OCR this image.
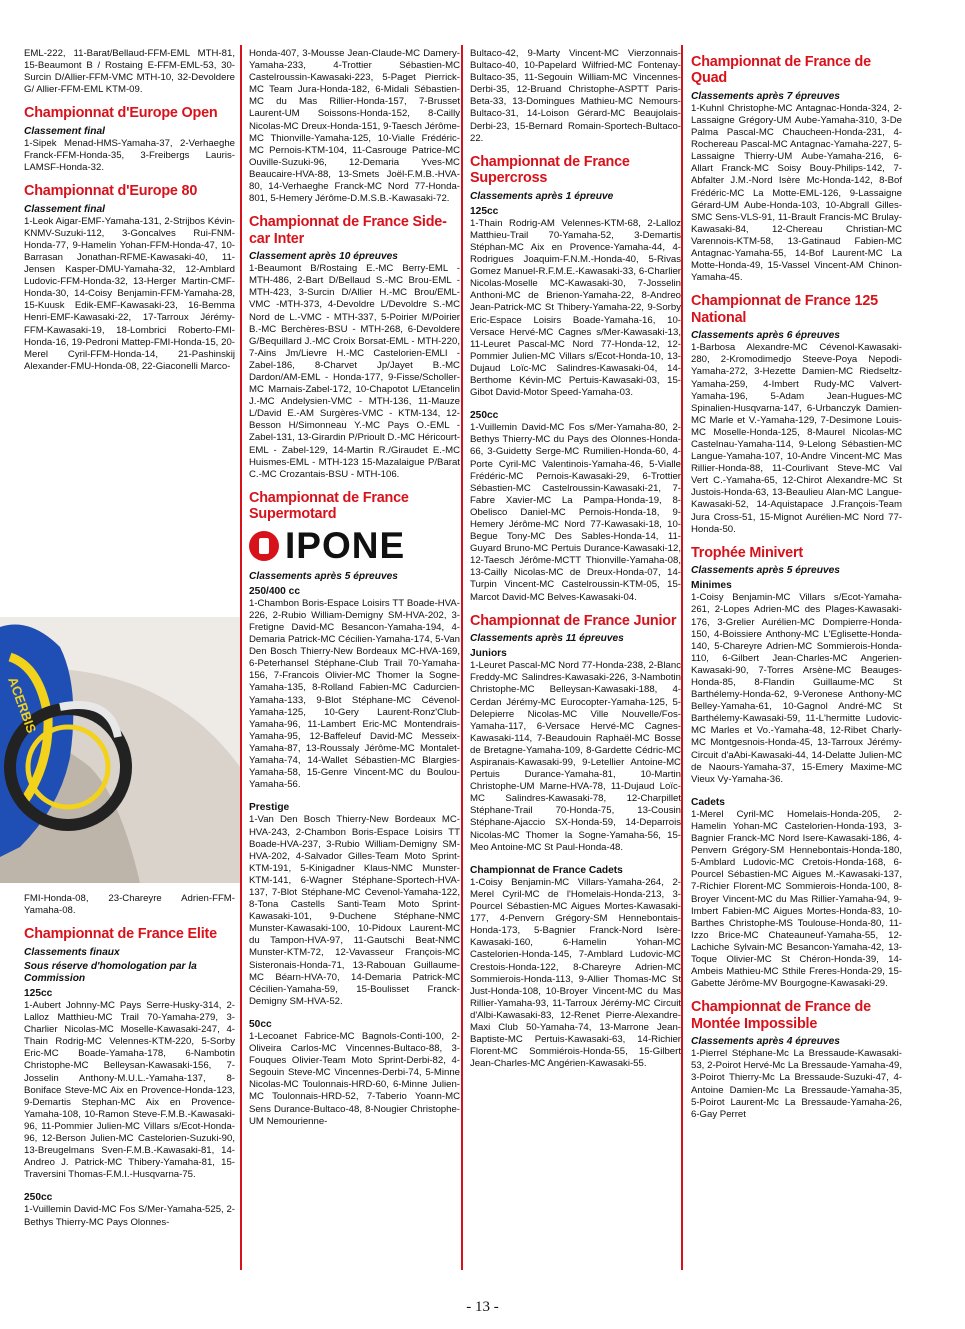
EML-222, 11-Barat/Bellaud-FFM-EML MTH-81, 15-Beaumont B / Rostaing E-FFM-EML-53, 30-Surcin D/Allier-FFM-VMC MTH-10, 32-Devoldere G/ Allier-FFM-EML KTM-09.

Championnat d'Europe Open
Classement final

1-Sipek Menad-HMS-Yamaha-37, 2-Verhaeghe Franck-FFM-Honda-35, 3-Freibergs Lauris-LAMSF-Honda-32.

Championnat d'Europe 80
Classement final

1-Leok Aigar-EMF-Yamaha-131, 2-Strijbos Kévin-KNMV-Suzuki-112, 3-Goncalves Rui-FNM-Honda-77, 9-Hamelin Yohan-FFM-Honda-47, 10-Barrasan Jonathan-RFME-Kawasaki-40, 11-Jensen Kasper-DMU-Yamaha-32, 12-Amblard Ludovic-FFM-Honda-32, 13-Herger Martin-CMF-Honda-30, 14-Coisy Benjamin-FFM-Yamaha-28, 15-Kuusk Edik-EMF-Kawasaki-23, 16-Bemma Henri-EMF-Kawasaki-22, 17-Tarroux Jérémy-FFM-Kawasaki-19, 18-Lombrici Roberto-FMI-Honda-16, 19-Pedroni Mattep-FMI-Honda-15, 20-Merel Cyril-FFM-Honda-14, 21-Pashinskij Alexander-FMU-Honda-08, 22-Giaconelli Marco-

ACERBIS

FMI-Honda-08, 23-Chareyre Adrien-FFM-Yamaha-08.

Championnat de France Elite
Classements finaux
Sous réserve d'homologation par la Commission
125cc

1-Aubert Johnny-MC Pays Serre-Husky-314, 2-Lalloz Matthieu-MC Trail 70-Yamaha-279, 3-Charlier Nicolas-MC Moselle-Kawasaki-247, 4-Thain Rodrig-MC Velennes-KTM-220, 5-Sorby Eric-MC Boade-Yamaha-178, 6-Nambotin Christophe-MC Belleysan-Kawasaki-156, 7-Josselin Anthony-M.U.L.-Yamaha-137, 8-Boniface Steve-MC Aix en Provence-Honda-123, 9-Demartis Stephan-MC Aix en Provence-Yamaha-108, 10-Ramon Steve-F.M.B.-Kawasaki-96, 11-Pommier Julien-MC Villars s/Ecot-Honda-96, 12-Berson Julien-MC Castelorien-Suzuki-90, 13-Breugelmans Sven-F.M.B.-Kawasaki-81, 14-Andreo J. Patrick-MC Thibery-Yamaha-81, 15-Traversini Thomas-F.M.I.-Husqvarna-75.

250cc

1-Vuillemin David-MC Fos S/Mer-Yamaha-525, 2-Bethys Thierry-MC Pays Olonnes-

Honda-407, 3-Mousse Jean-Claude-MC Damery-Yamaha-233, 4-Trottier Sébastien-MC Castelroussin-Kawasaki-223, 5-Paget Pierrick-MC Team Jura-Honda-182, 6-Midali Sébastien-MC du Mas Rillier-Honda-157, 7-Brusset Laurent-UM Soissons-Honda-152, 8-Cailly Nicolas-MC Dreux-Honda-151, 9-Taesch Jérôme-MC Thionville-Yamaha-125, 10-Vialle Frédéric-MC Pernois-KTM-104, 11-Casrouge Patrice-MC Ouville-Suzuki-96, 12-Demaria Yves-MC Beaucaire-HVA-88, 13-Smets Joël-F.M.B.-HVA-80, 14-Verhaeghe Franck-MC Nord 77-Honda-801, 5-Hemery Jérôme-D.M.S.B.-Kawasaki-72.

Championnat de France Side-car Inter
Classement après 10 épreuves

1-Beaumont B/Rostaing E.-MC Berry-EML - MTH-486, 2-Bart D/Bellaud S.-MC Brou-EML - MTH-423, 3-Surcin D/Allier H.-MC Brou/EML-VMC -MTH-373, 4-Devoldre L/Devoldre S.-MC Nord de L.-VMC - MTH-337, 5-Poirier M/Poirier B.-MC Berchères-BSU - MTH-268, 6-Devoldere G/Bequillard J.-MC Croix Borsat-EML - MTH-220, 7-Ains Jm/Lievre H.-MC Castelorien-EMLI - Zabel-186, 8-Charvet Jp/Jayet B.-MC Dardon/AM-EML - Honda-177, 9-Fisse/Scholler-MC Marnais-Zabel-172, 10-Chapotot L/Etancelin J.-MC Andelysien-VMC - MTH-136, 11-Mauze L/David E.-AM Surgères-VMC - KTM-134, 12-Besson H/Simonneau Y.-MC Pays O.-EML - Zabel-131, 13-Girardin P/Prioult D.-MC Héricourt-EML - Zabel-129, 14-Martin R./Giraudet E.-MC Huismes-EML - MTH-123 15-Mazalaigue P/Barat C.-MC Crozantais-BSU - MTH-106.

Championnat de France Supermotard
IPONE
Classements après 5 épreuves
250/400 cc

1-Chambon Boris-Espace Loisirs TT Boade-HVA-226, 2-Rubio William-Demigny SM-HVA-202, 3-Fretigne David-MC Besancon-Yamaha-194, 4-Demaria Patrick-MC Cécilien-Yamaha-174, 5-Van Den Bosch Thierry-New Bordeaux MC-HVA-169, 6-Peterhansel Stéphane-Club Trail 70-Yamaha-156, 7-Francois Olivier-MC Thomer la Sogne-Yamaha-135, 8-Rolland Fabien-MC Cadurcien-Yamaha-133, 9-Blot Stéphane-MC Cévenol-Yamaha-125, 10-Gery Laurent-Ronz'Club-Yamaha-96, 11-Lambert Eric-MC Montendrais-Yamaha-95, 12-Baffeleuf David-MC Messeix-Yamaha-87, 13-Roussaly Jérôme-MC Montalet-Yamaha-74, 14-Wallet Sébastien-MC Blargies-Yamaha-58, 15-Genre Vincent-MC du Boulou-Yamaha-56.

Prestige

1-Van Den Bosch Thierry-New Bordeaux MC-HVA-243, 2-Chambon Boris-Espace Loisirs TT Boade-HVA-237, 3-Rubio William-Demigny SM-HVA-202, 4-Salvador Gilles-Team Moto Sprint-KTM-191, 5-Kinigadner Klaus-NMC Munster-KTM-141, 6-Wagner Stéphane-Sportech-HVA-137, 7-Blot Stéphane-MC Cevenol-Yamaha-122, 8-Tona Castells Santi-Team Moto Sprint-Kawasaki-101, 9-Duchene Stéphane-NMC Munster-Kawasaki-100, 10-Pidoux Laurent-MC du Tampon-HVA-97, 11-Gautschi Beat-NMC Munster-KTM-72, 12-Vavasseur François-MC Sisteronais-Honda-71, 13-Rabouan Guillaume-MC Béarn-HVA-70, 14-Demaria Patrick-MC Cécilien-Yamaha-59, 15-Boulisset Franck-Demigny SM-HVA-52.

50cc

1-Lecoanet Fabrice-MC Bagnols-Conti-100, 2-Oliveira Carlos-MC Vincennes-Bultaco-88, 3-Fouques Olivier-Team Moto Sprint-Derbi-82, 4-Segouin Steve-MC Vincennes-Derbi-74, 5-Minne Nicolas-MC Toulonnais-HRD-60, 6-Minne Julien-MC Toulonnais-HRD-52, 7-Taberio Yoann-MC Sens Durance-Bultaco-48, 8-Nougier Christophe-UM Nemourienne-

Bultaco-42, 9-Marty Vincent-MC Vierzonnais-Bultaco-40, 10-Papelard Wilfried-MC Fontenay-Bultaco-35, 11-Segouin William-MC Vincennes-Derbi-35, 12-Bruand Christophe-ASPTT Paris-Beta-33, 13-Domingues Mathieu-MC Nemours-Bultaco-31, 14-Loison Gérard-MC Beaujolais-Derbi-23, 15-Bernard Romain-Sportech-Bultaco-22.

Championnat de France Supercross
Classements après 1 épreuve
125cc

1-Thain Rodrig-AM Velennes-KTM-68, 2-Lalloz Matthieu-Trail 70-Yamaha-52, 3-Demartis Stéphan-MC Aix en Provence-Yamaha-44, 4-Rodrigues Joaquim-F.N.M.-Honda-40, 5-Rivas Gomez Manuel-R.F.M.E.-Kawasaki-33, 6-Charlier Nicolas-Moselle MC-Kawasaki-30, 7-Josselin Anthoni-MC de Brienon-Yamaha-22, 8-Andreo Jean-Patrick-MC St Thibery-Yamaha-22, 9-Sorby Eric-Espace Loisirs Boade-Yamaha-16, 10-Versace Hervé-MC Cagnes s/Mer-Kawasaki-13, 11-Leuret Pascal-MC Nord 77-Honda-12, 12-Pommier Julien-MC Villars s/Ecot-Honda-10, 13-Dujaud Loïc-MC Salindres-Kawasaki-04, 14-Berthome Kévin-MC Pertuis-Kawasaki-03, 15-Gibot David-Motor Speed-Yamaha-03.

250cc

1-Vuillemin David-MC Fos s/Mer-Yamaha-80, 2-Bethys Thierry-MC du Pays des Olonnes-Honda-66, 3-Guidetty Serge-MC Rumilien-Honda-60, 4-Porte Cyril-MC Valentinois-Yamaha-46, 5-Vialle Frédéric-MC Pernois-Kawasaki-29, 6-Trottier Sébastien-MC Castelroussin-Kawasaki-21, 7-Fabre Xavier-MC La Pampa-Honda-19, 8-Obelisco Daniel-MC Pernois-Honda-18, 9-Hemery Jérôme-MC Nord 77-Kawasaki-18, 10-Begue Tony-MC Des Sables-Honda-14, 11-Guyard Bruno-MC Pertuis Durance-Kawasaki-12, 12-Taesch Jérôme-MCTT Thionville-Yamaha-08, 13-Cailly Nicolas-MC de Dreux-Honda-07, 14-Turpin Vincent-MC Castelroussin-KTM-05, 15-Marcot David-MC Belves-Kawasaki-04.

Championnat de France Junior
Classements après 11 épreuves
Juniors

1-Leuret Pascal-MC Nord 77-Honda-238, 2-Blanc Freddy-MC Salindres-Kawasaki-226, 3-Nambotin Christophe-MC Belleysan-Kawasaki-188, 4-Cerdan Jérémy-MC Eurocopter-Yamaha-125, 5-Delepierre Nicolas-MC Ville Nouvelle/Fos-Yamaha-117, 6-Versace Hervé-MC Cagnes-Kawasaki-114, 7-Beaudouin Raphaël-MC Bosse de Bretagne-Yamaha-109, 8-Gardette Cédric-MC Aspiranais-Kawasaki-99, 9-Letellier Antoine-MC Pertuis Durance-Yamaha-81, 10-Martin Christophe-UM Marne-HVA-78, 11-Dujaud Loïc-MC Salindres-Kawasaki-78, 12-Charpillet Stéphane-Trail 70-Honda-75, 13-Cousin Stéphane-Ajaccio SX-Honda-59, 14-Deparrois Nicolas-MC Thomer la Sogne-Yamaha-56, 15-Meo Antoine-MC St Paul-Honda-48.

Championnat de France Cadets

1-Coisy Benjamin-MC Villars-Yamaha-264, 2-Merel Cyril-MC de l'Homelais-Honda-213, 3-Pourcel Sébastien-MC Aigues Mortes-Kawasaki-177, 4-Penvern Grégory-SM Hennebontais-Honda-173, 5-Bagnier Franck-Nord Isère-Kawasaki-160, 6-Hamelin Yohan-MC Castelorien-Honda-145, 7-Amblard Ludovic-MC Crestois-Honda-122, 8-Chareyre Adrien-MC Sommierois-Honda-113, 9-Allier Thomas-MC St Just-Honda-108, 10-Broyer Vincent-MC du Mas Rillier-Yamaha-93, 11-Tarroux Jérémy-MC Circuit d'Albi-Kawasaki-83, 12-Renet Pierre-Alexandre-Maxi Club 50-Yamaha-74, 13-Marrone Jean-Baptiste-MC Pertuis-Kawasaki-63, 14-Richier Florent-MC Sommiérois-Honda-55, 15-Gilbert Jean-Charles-MC Angérien-Kawasaki-55.

Championnat de France de Quad
Classements après 7 épreuves

1-Kuhnl Christophe-MC Antagnac-Honda-324, 2-Lassaigne Grégory-UM Aube-Yamaha-310, 3-De Palma Pascal-MC Chaucheen-Honda-231, 4-Rochereau Pascal-MC Antagnac-Yamaha-227, 5-Lassaigne Thierry-UM Aube-Yamaha-216, 6-Allart Franck-MC Soisy Bouy-Philips-142, 7-Abfalter J.M.-Nord Isère Mc-Honda-142, 8-Bof Frédéric-MC La Motte-EML-126, 9-Lassaigne Gérard-UM Aube-Honda-103, 10-Abgrall Gilles-SMC Sens-VLS-91, 11-Brault Francis-MC Brulay-Kawasaki-84, 12-Chereau Christian-MC Varennois-KTM-58, 13-Gatinaud Fabien-MC Antagnac-Yamaha-55, 14-Bof Laurent-MC La Motte-Honda-49, 15-Vassel Vincent-AM Chinon-Yamaha-45.

Championnat de France 125 National
Classements après 6 épreuves

1-Barbosa Alexandre-MC Cévenol-Kawasaki-280, 2-Kromodimedjo Steeve-Poya Nepodi-Yamaha-272, 3-Hezette Damien-MC Riedseltz-Yamaha-259, 4-Imbert Rudy-MC Valvert-Yamaha-196, 5-Adam Jean-Hugues-MC Spinalien-Husqvarna-147, 6-Urbanczyk Damien-MC Marle et V.-Yamaha-129, 7-Desimone Louis-MC Moselle-Honda-125, 8-Maurel Nicolas-MC Castelnau-Yamaha-114, 9-Lelong Sébastien-MC Langue-Yamaha-107, 10-Andre Vincent-MC Mas Rillier-Honda-88, 11-Courlivant Steve-MC Val Vert C.-Yamaha-65, 12-Chirot Alexandre-MC St Justois-Honda-63, 13-Beaulieu Alan-MC Langue-Kawasaki-52, 14-Aquistapace J.François-Team Jura Cross-51, 15-Mignot Aurélien-MC Nord 77-Honda-50.

Trophée Minivert
Classements après 5 épreuves
Minimes

1-Coisy Benjamin-MC Villars s/Ecot-Yamaha-261, 2-Lopes Adrien-MC des Plages-Kawasaki-176, 3-Grelier Aurélien-MC Dompierre-Honda-150, 4-Boissiere Anthony-MC L'Eglisette-Honda-140, 5-Chareyre Adrien-MC Sommierois-Honda-110, 6-Gilbert Jean-Charles-MC Angerien-Kawasaki-90, 7-Torres Arsène-MC Beauges-Honda-85, 8-Flandin Guillaume-MC St Barthélemy-Honda-62, 9-Veronese Anthony-MC Belley-Yamaha-61, 10-Gagnol André-MC St Barthélemy-Kawasaki-59, 11-L'hermitte Ludovic-MC Marles et Vo.-Yamaha-48, 12-Ribet Charly-MC Montgesnois-Honda-45, 13-Tarroux Jérémy-Circuit d'aAbi-Kawasaki-44, 14-Delatte Julien-MC de Naours-Yamaha-37, 15-Emery Maxime-MC Vieux Vy-Yamaha-36.

Cadets

1-Merel Cyril-MC Homelais-Honda-205, 2-Hamelin Yohan-MC Castelorien-Honda-193, 3-Bagnier Franck-MC Nord Isere-Kawasaki-186, 4-Penvern Grégory-SM Hennebontais-Honda-180, 5-Amblard Ludovic-MC Cretois-Honda-168, 6-Pourcel Sébastien-MC Aigues M.-Kawasaki-137, 7-Richier Florent-MC Sommierois-Honda-100, 8-Broyer Vincent-MC du Mas Rillier-Yamaha-94, 9-Imbert Fabien-MC Aigues Mortes-Honda-83, 10-Barthes Christophe-MS Toulouse-Honda-80, 11-Izzo Brice-MC Chateauneuf-Yamaha-55, 12-Lachiche Sylvain-MC Besancon-Yamaha-42, 13-Toque Olivier-MC St Chéron-Honda-39, 14-Ambeis Mathieu-MC Sthile Freres-Honda-29, 15-Gabette Jérôme-MV Bourgogne-Kawasaki-29.

Championnat de France de Montée Impossible
Classements après 4 épreuves

1-Pierrel Stéphane-Mc La Bressaude-Kawasaki-53, 2-Poirot Hervé-Mc La Bressaude-Yamaha-49, 3-Poirot Thierry-Mc La Bressaude-Suzuki-47, 4-Antoine Damien-Mc La Bressaude-Yamaha-35, 5-Poirot Laurent-Mc La Bressaude-Yamaha-26, 6-Gay Perret

- 13 -
